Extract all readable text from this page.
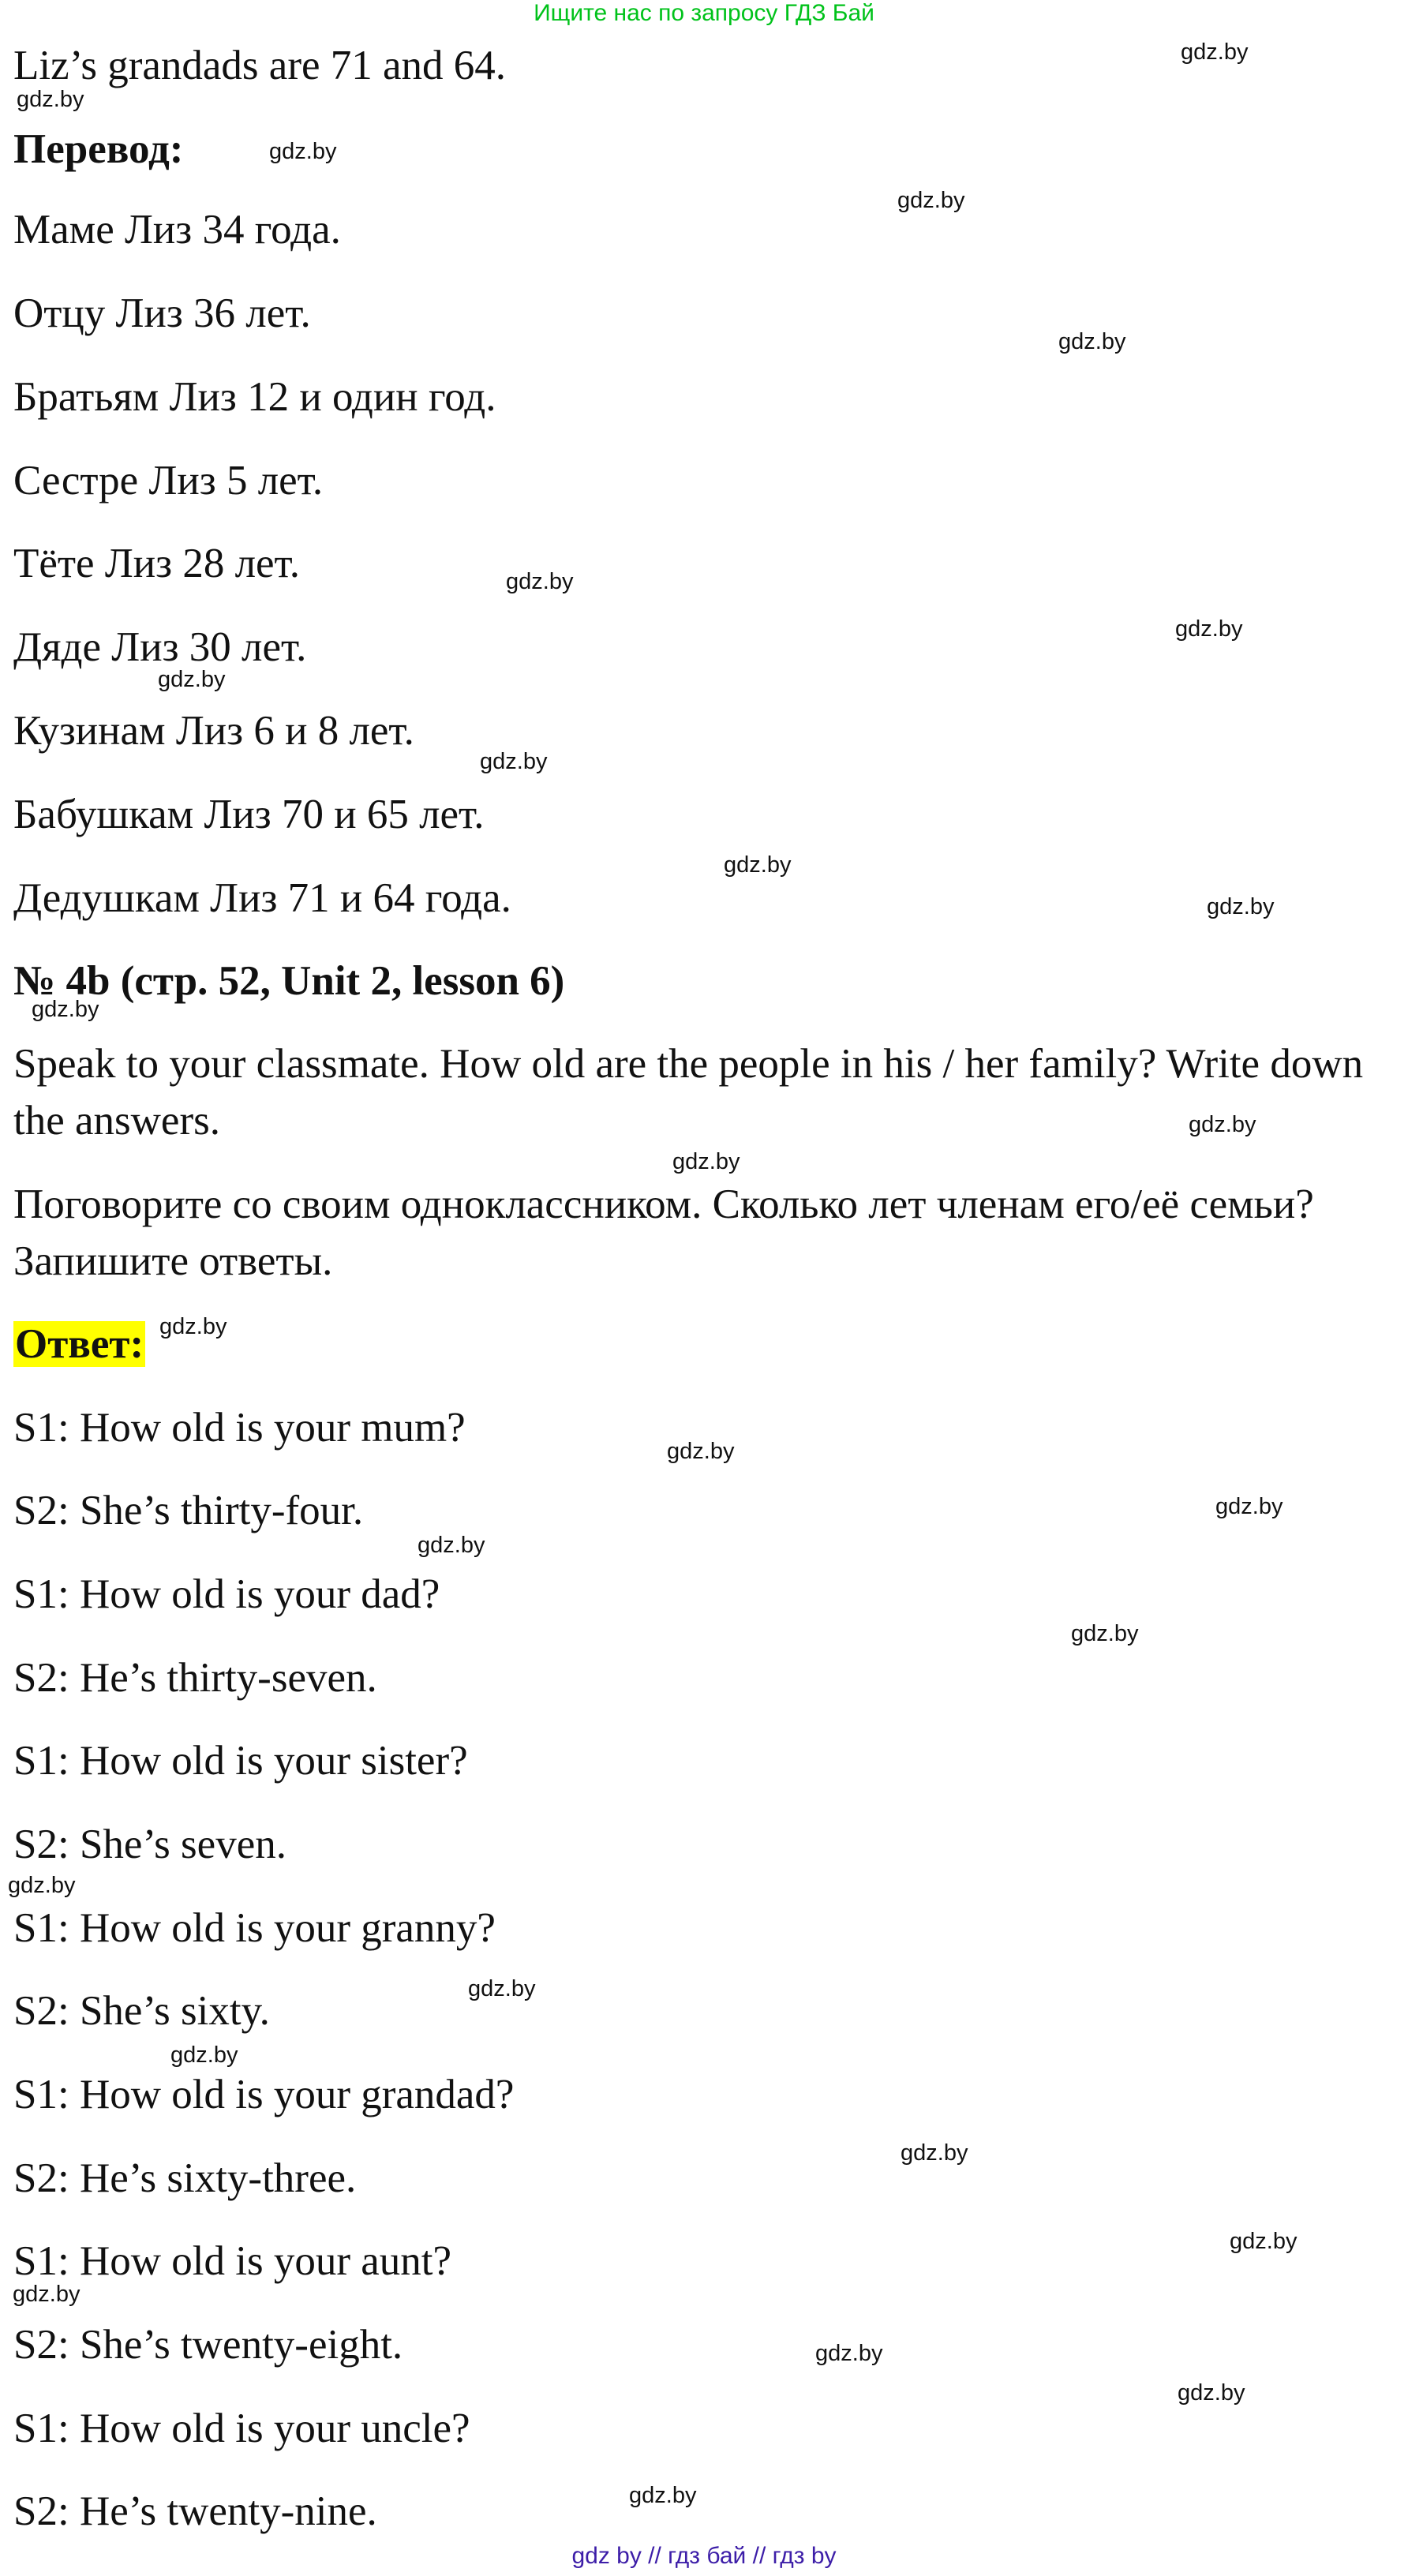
Ищите нас по запросу ГДЗ Бай
Liz’s grandads are 71 and 64.
Перевод:
Маме Лиз 34 года.
Отцу Лиз 36 лет.
Братьям Лиз 12 и один год.
Сестре Лиз 5 лет.
Тёте Лиз 28 лет.
Дяде Лиз 30 лет.
Кузинам Лиз 6 и 8 лет.
Бабушкам Лиз 70 и 65 лет.
Дедушкам Лиз 71 и 64 года.
№ 4b (стр. 52, Unit 2, lesson 6)
Speak to your classmate. How old are the people in his / her family? Write down the answers.
Поговорите со своим одноклассником. Сколько лет членам его/её семьи? Запишите ответы.
Ответ:
S1: How old is your mum?
S2: She’s thirty-four.
S1: How old is your dad?
S2: He’s thirty-seven.
S1: How old is your sister?
S2: She’s seven.
S1: How old is your granny?
S2: She’s sixty.
S1: How old is your grandad?
S2: He’s sixty-three.
S1: How old is your aunt?
S2: She’s twenty-eight.
S1: How old is your uncle?
S2: He’s twenty-nine.
gdz.by
gdz.by
gdz.by
gdz.by
gdz.by
gdz.by
gdz.by
gdz.by
gdz.by
gdz.by
gdz.by
gdz.by
gdz.by
gdz.by
gdz.by
gdz.by
gdz.by
gdz.by
gdz.by
gdz.by
gdz.by
gdz.by
gdz.by
gdz.by
gdz.by
gdz.by
gdz.by
gdz.by
gdz by // гдз бай // гдз by
